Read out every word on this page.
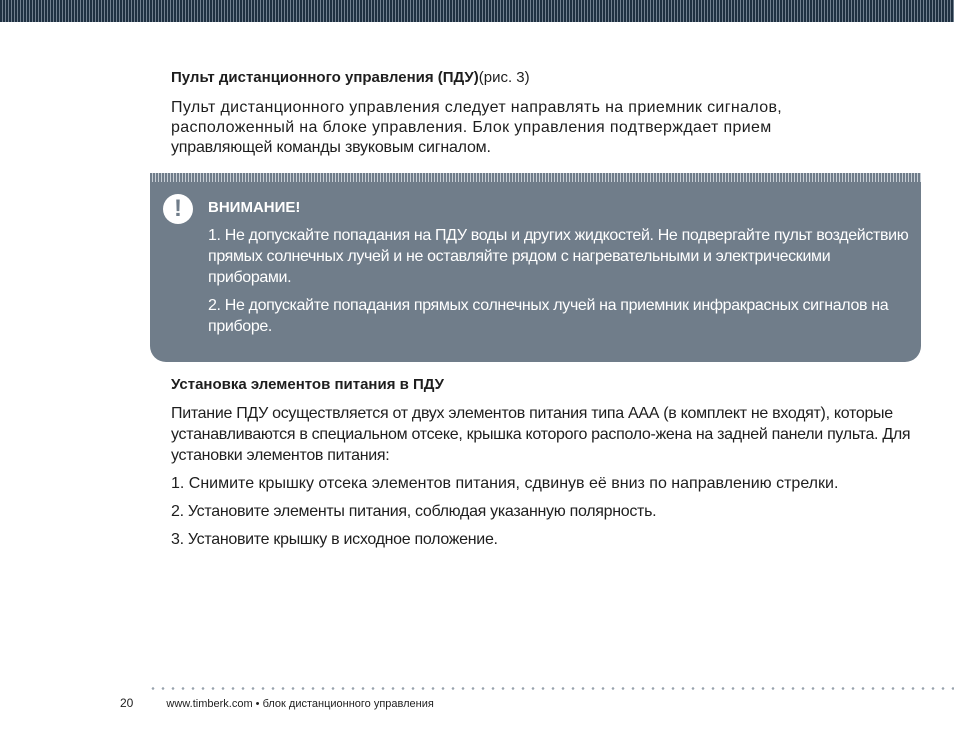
Пульт дистанционного управления (ПДУ)(рис. 3)

Пульт дистанционного управления следует направлять на приемник сигналов,

расположенный на блоке управления. Блок управления подтверждает прием

управляющей команды звуковым сигналом.

!	ВНИМАНИЕ!

1. Не допускайте попадания на ПДУ воды и других жидкостей. Не подвергайте пульт воздействию прямых солнечных лучей и не оставляйте рядом с нагревательными и электрическими приборами.

2. Не допускайте попадания прямых солнечных лучей на приемник инфракрасных сигналов на приборе.

Установка элементов питания в ПДУ

Питание ПДУ осуществляется от двух элементов питания типа ААА (в комплект не входят), которые устанавливаются в специальном отсеке, крышка которого располо-жена на задней панели пульта. Для установки элементов питания:

1. Снимите крышку отсека элементов питания, сдвинув её вниз по направлению стрелки.

2. Установите элементы питания, соблюдая указанную полярность.

3. Установите крышку в исходное положение.

20	www.timberk.com • блок дистанционного управления
